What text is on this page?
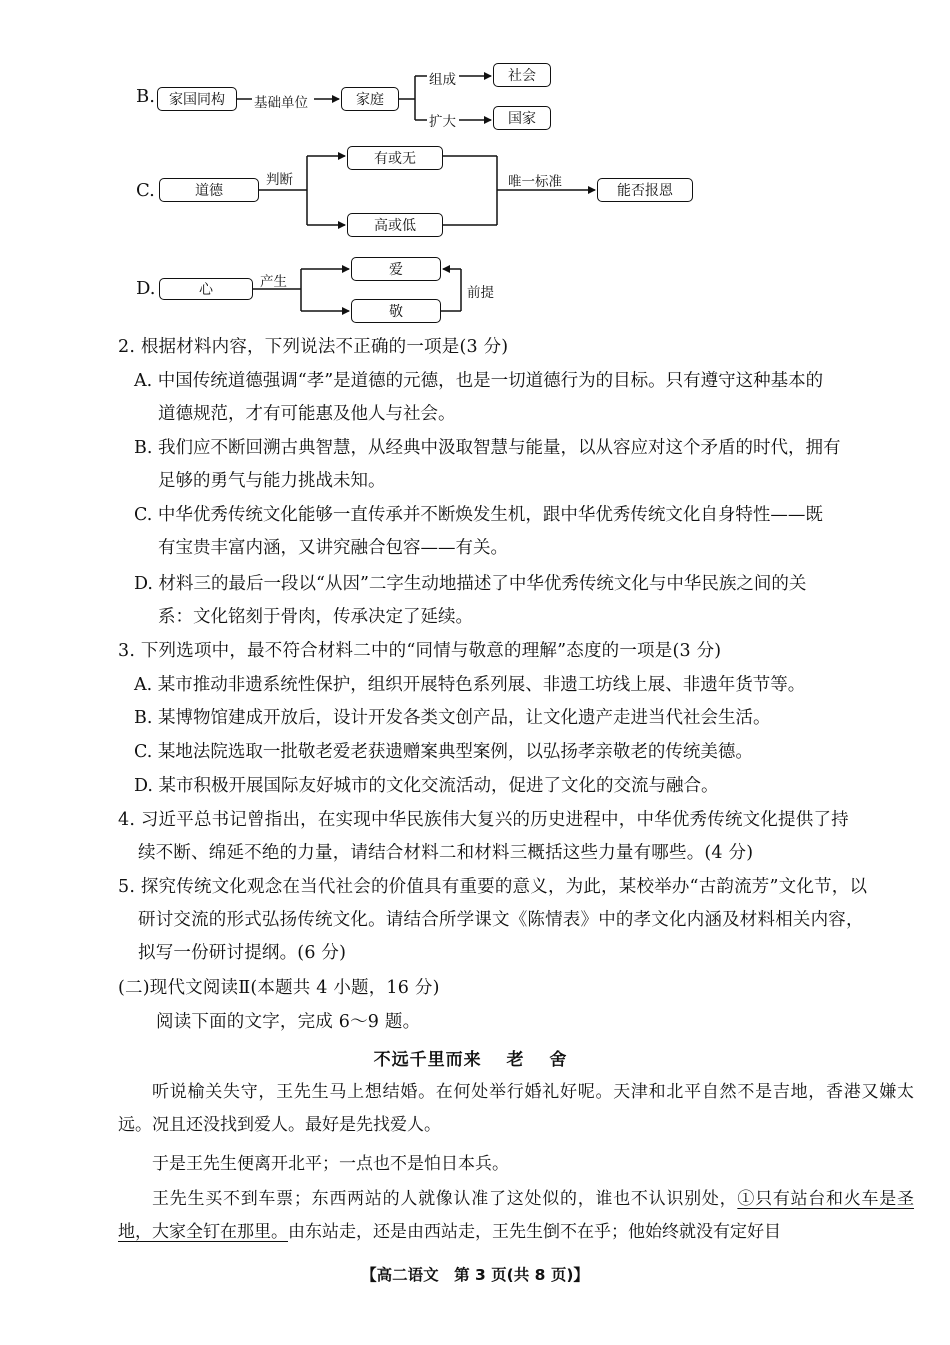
B.	家国同构	基础单位	家庭
组成	社会
扩大	国家
C.	道德
判断
有或无
高或低
唯一标准
能否报恩
D.	心	产生
爱
敬
前提
2. 根据材料内容，下列说法不正确的一项是(3 分)
A. 中国传统道德强调“孝”是道德的元德，也是一切道德行为的目标。只有遵守这种基本的
道德规范，才有可能惠及他人与社会。
B. 我们应不断回溯古典智慧，从经典中汲取智慧与能量，以从容应对这个矛盾的时代，拥有
足够的勇气与能力挑战未知。
C. 中华优秀传统文化能够一直传承并不断焕发生机，跟中华优秀传统文化自身特性——既
有宝贵丰富内涵，又讲究融合包容——有关。
D. 材料三的最后一段以“从因”二字生动地描述了中华优秀传统文化与中华民族之间的关
系：文化铭刻于骨肉，传承决定了延续。
3. 下列选项中，最不符合材料二中的“同情与敬意的理解”态度的一项是(3 分)
A. 某市推动非遗系统性保护，组织开展特色系列展、非遗工坊线上展、非遗年货节等。
B. 某博物馆建成开放后，设计开发各类文创产品，让文化遗产走进当代社会生活。
C. 某地法院选取一批敬老爱老获遗赠案典型案例，以弘扬孝亲敬老的传统美德。
D. 某市积极开展国际友好城市的文化交流活动，促进了文化的交流与融合。
4. 习近平总书记曾指出，在实现中华民族伟大复兴的历史进程中，中华优秀传统文化提供了持
续不断、绵延不绝的力量，请结合材料二和材料三概括这些力量有哪些。(4 分)
5. 探究传统文化观念在当代社会的价值具有重要的意义，为此，某校举办“古韵流芳”文化节，以
研讨交流的形式弘扬传统文化。请结合所学课文《陈情表》中的孝文化内涵及材料相关内容，
拟写一份研讨提纲。(6 分)
(二)现代文阅读Ⅱ(本题共 4 小题，16 分)
阅读下面的文字，完成 6～9 题。
不远千里而来 老 舍
听说榆关失守，王先生马上想结婚。在何处举行婚礼好呢。天津和北平自然不是吉地，香港又嫌太远。况且还没找到爱人。最好是先找爱人。
于是王先生便离开北平；一点也不是怕日本兵。
王先生买不到车票；东西两站的人就像认准了这处似的，谁也不认识别处，①只有站台和火车是圣地，大家全钉在那里。由东站走，还是由西站走，王先生倒不在乎；他始终就没有定好目
【高二语文　第 3 页(共 8 页)】
